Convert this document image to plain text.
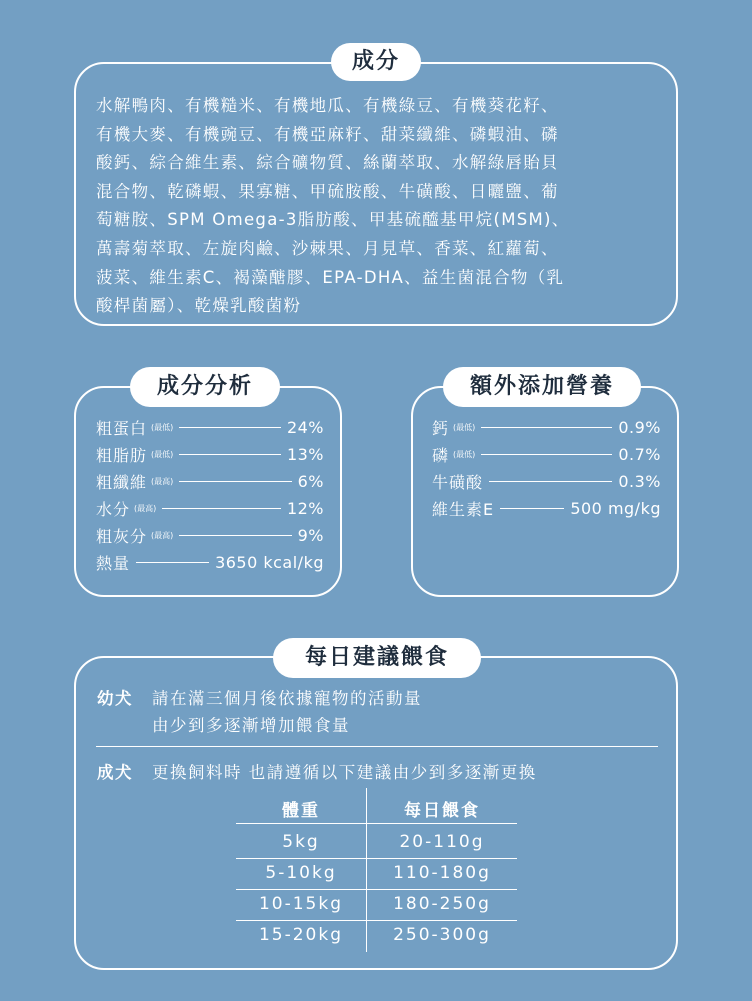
成分
水解鴨肉、有機糙米、有機地瓜、有機綠豆、有機葵花籽、
有機大麥、有機豌豆、有機亞麻籽、甜菜纖維、磷蝦油、磷
酸鈣、綜合維生素、綜合礦物質、絲蘭萃取、水解綠唇貽貝
混合物、乾磷蝦、果寡糖、甲硫胺酸、牛磺酸、日曬鹽、葡
萄糖胺、SPM Omega-3脂肪酸、甲基硫醯基甲烷(MSM)、
萬壽菊萃取、左旋肉鹼、沙棘果、月見草、香菜、紅蘿蔔、
菠菜、維生素C、褐藻醣膠、EPA-DHA、益生菌混合物（乳
酸桿菌屬）、乾燥乳酸菌粉
成分分析
粗蛋白 (最低)	24%
粗脂肪 (最低)	13%
粗纖維 (最高)	6%
水分 (最高)	12%
粗灰分 (最高)	9%
熱量	3650 kcal/kg
額外添加營養
鈣 (最低)	0.9%
磷 (最低)	0.7%
牛磺酸	0.3%
維生素E	500 mg/kg
每日建議餵食
幼犬 請在滿三個月後依據寵物的活動量
由少到多逐漸增加餵食量
成犬 更換飼料時 也請遵循以下建議由少到多逐漸更換
體重	每日餵食
5kg	20-110g
5-10kg	110-180g
10-15kg	180-250g
15-20kg	250-300g
